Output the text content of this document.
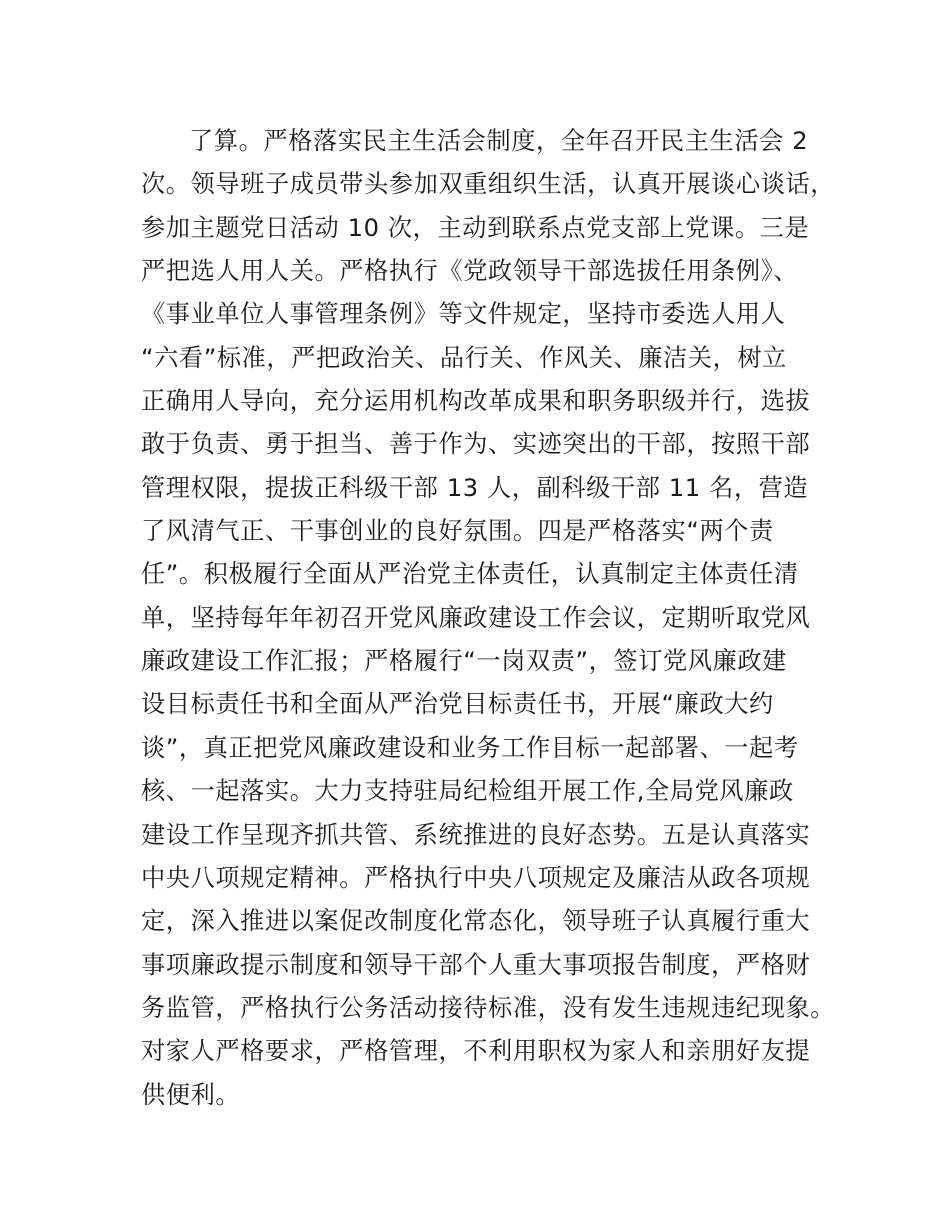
了算。严格落实民主生活会制度，全年召开民主生活会 2
次。领导班子成员带头参加双重组织生活，认真开展谈心谈话，
参加主题党日活动 10 次，主动到联系点党支部上党课。三是
严把选人用人关。严格执行《党政领导干部选拔任用条例》、
《事业单位人事管理条例》等文件规定，坚持市委选人用人
“六看”标准，严把政治关、品行关、作风关、廉洁关，树立
正确用人导向，充分运用机构改革成果和职务职级并行，选拔
敢于负责、勇于担当、善于作为、实迹突出的干部，按照干部
管理权限，提拔正科级干部 13 人，副科级干部 11 名，营造
了风清气正、干事创业的良好氛围。四是严格落实“两个责
任”。积极履行全面从严治党主体责任，认真制定主体责任清
单，坚持每年年初召开党风廉政建设工作会议，定期听取党风
廉政建设工作汇报；严格履行“一岗双责”，签订党风廉政建
设目标责任书和全面从严治党目标责任书，开展“廉政大约
谈”，真正把党风廉政建设和业务工作目标一起部署、一起考
核、一起落实。大力支持驻局纪检组开展工作,全局党风廉政
建设工作呈现齐抓共管、系统推进的良好态势。五是认真落实
中央八项规定精神。严格执行中央八项规定及廉洁从政各项规
定，深入推进以案促改制度化常态化，领导班子认真履行重大
事项廉政提示制度和领导干部个人重大事项报告制度，严格财
务监管，严格执行公务活动接待标准，没有发生违规违纪现象。
对家人严格要求，严格管理，不利用职权为家人和亲朋好友提
供便利。
